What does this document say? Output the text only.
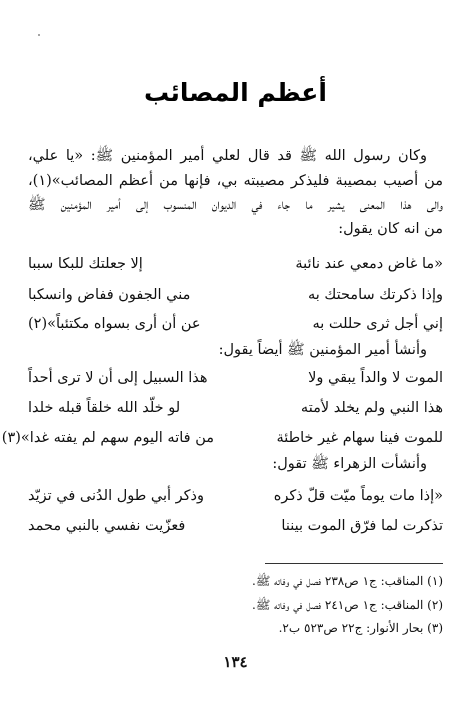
أعظم المصائب
وكان رسول الله ﷺ قد قال لعلي أمير المؤمنين ﷺ: «يا علي،
من أصيب بمصيبة فليذكر مصيبته بي، فإنها من أعظم المصائب»(١)،
والى هذا المعنى يشير ما جاء في الديوان المنسوب إلى أمير المؤمنين ﷺ
من انه كان يقول:
«ما غاض دمعي عند نائبة
إلا جعلتك للبكا سببا
وإذا ذكرتك سامحتك به
مني الجفون ففاض وانسكبا
إني أجل ثرى حللت به
عن أن أرى بسواه مكتئباً»(٢)
وأنشأ أمير المؤمنين ﷺ أيضاً يقول:
الموت لا والداً يبقي ولا
هذا السبيل إلى أن لا ترى أحداً
هذا النبي ولم يخلد لأمته
لو خلّد الله خلقاً قبله خلدا
للموت فينا سهام غير خاطئة
من فاته اليوم سهم لم يفته غدا»(٣)
وأنشأت الزهراء ﷺ تقول:
«إذا مات يوماً ميّت قلّ ذكره
وذكر أبي طول الدُنى في تزيّد
تذكرت لما فرّق الموت بيننا
فعزّيت نفسي بالنبي محمد
(١) المناقب: ج١ ص٢٣٨ فصل في وفاته ﷺ.
(٢) المناقب: ج١ ص٢٤١ فصل في وفاته ﷺ.
(٣) بحار الأنوار: ج٢٢ ص٥٢٣ ب٢.
١٣٤
